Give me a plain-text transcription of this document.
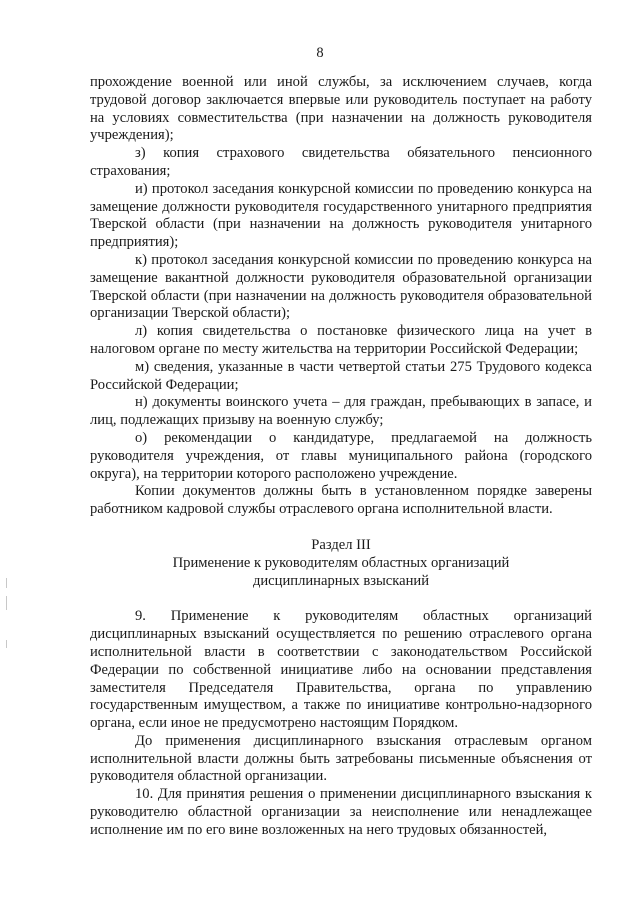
8

прохождение военной или иной службы, за исключением случаев, когда трудовой договор заключается впервые или руководитель поступает на работу на условиях совместительства (при назначении на должность руководителя учреждения);

з) копия страхового свидетельства обязательного пенсионного страхования;

и) протокол заседания конкурсной комиссии по проведению конкурса на замещение должности руководителя государственного унитарного предприятия Тверской области (при назначении на должность руководителя унитарного предприятия);

к) протокол заседания конкурсной комиссии по проведению конкурса на замещение вакантной должности руководителя образовательной организации Тверской области (при назначении на должность руководителя образовательной организации Тверской области);

л) копия свидетельства о постановке физического лица на учет в налоговом органе по месту жительства на территории Российской Федерации;

м) сведения, указанные в части четвертой статьи 275 Трудового кодекса Российской Федерации;

н) документы воинского учета – для граждан, пребывающих в запасе, и лиц, подлежащих призыву на военную службу;

о) рекомендации о кандидатуре, предлагаемой на должность руководителя учреждения, от главы муниципального района (городского округа), на территории которого расположено учреждение.

Копии документов должны быть в установленном порядке заверены работником кадровой службы отраслевого органа исполнительной власти.

Раздел III
Применение к руководителям областных организаций
дисциплинарных взысканий

9. Применение к руководителям областных организаций дисциплинарных взысканий осуществляется по решению отраслевого органа исполнительной власти в соответствии с законодательством Российской Федерации по собственной инициативе либо на основании представления заместителя Председателя Правительства, органа по управлению государственным имуществом, а также по инициативе контрольно-надзорного органа, если иное не предусмотрено настоящим Порядком.

До применения дисциплинарного взыскания отраслевым органом исполнительной власти должны быть затребованы письменные объяснения от руководителя областной организации.

10. Для принятия решения о применении дисциплинарного взыскания к руководителю областной организации за неисполнение или ненадлежащее исполнение им по его вине возложенных на него трудовых обязанностей,
